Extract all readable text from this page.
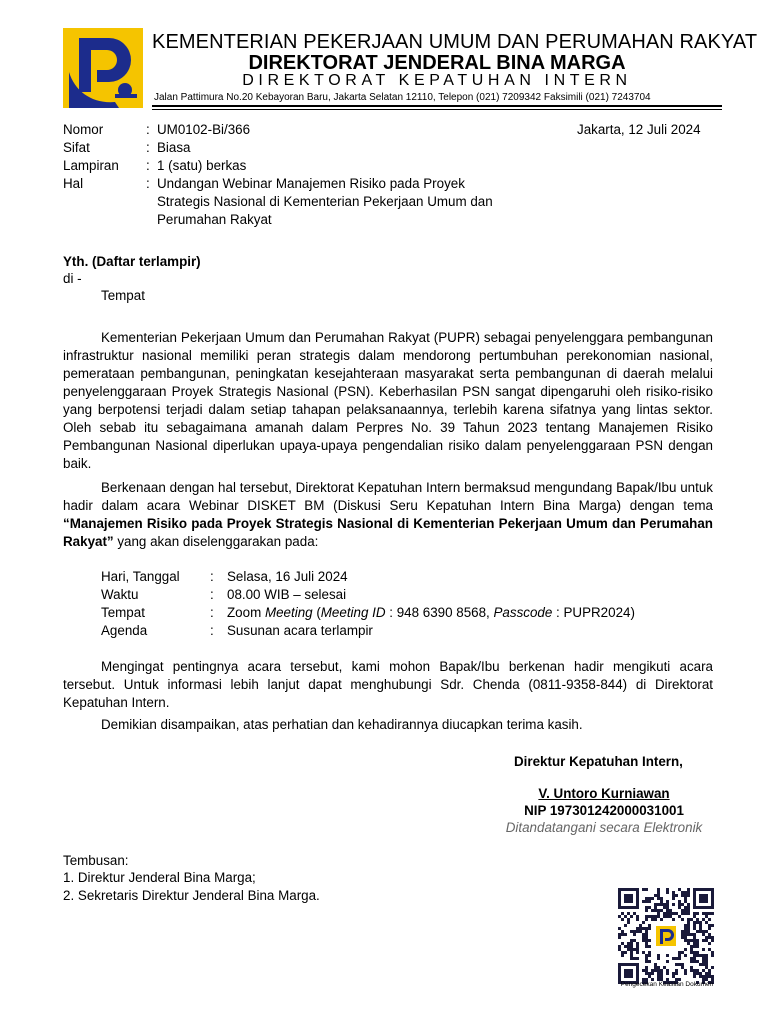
KEMENTERIAN PEKERJAAN UMUM DAN PERUMAHAN RAKYAT
DIREKTORAT JENDERAL BINA MARGA
DIREKTORAT KEPATUHAN INTERN
Jalan Pattimura No.20 Kebayoran Baru, Jakarta Selatan 12110, Telepon (021) 7209342 Faksimili (021) 7243704
Nomor	: UM0102-Bi/366	Jakarta, 12 Juli 2024
Sifat	: Biasa
Lampiran : 1 (satu) berkas
Hal	: Undangan Webinar Manajemen Risiko pada Proyek
Strategis Nasional di Kementerian Pekerjaan Umum dan
Perumahan Rakyat
Yth. (Daftar terlampir)
di -
Tempat
Kementerian Pekerjaan Umum dan Perumahan Rakyat (PUPR) sebagai penyelenggara pembangunan infrastruktur nasional memiliki peran strategis dalam mendorong pertumbuhan perekonomian nasional, pemerataan pembangunan, peningkatan kesejahteraan masyarakat serta pembangunan di daerah melalui penyelenggaraan Proyek Strategis Nasional (PSN). Keberhasilan PSN sangat dipengaruhi oleh risiko-risiko yang berpotensi terjadi dalam setiap tahapan pelaksanaannya, terlebih karena sifatnya yang lintas sektor. Oleh sebab itu sebagaimana amanah dalam Perpres No. 39 Tahun 2023 tentang Manajemen Risiko Pembangunan Nasional diperlukan upaya-upaya pengendalian risiko dalam penyelenggaraan PSN dengan baik.
Berkenaan dengan hal tersebut, Direktorat Kepatuhan Intern bermaksud mengundang Bapak/Ibu untuk hadir dalam acara Webinar DISKET BM (Diskusi Seru Kepatuhan Intern Bina Marga) dengan tema “Manajemen Risiko pada Proyek Strategis Nasional di Kementerian Pekerjaan Umum dan Perumahan Rakyat” yang akan diselenggarakan pada:
Hari, Tanggal : Selasa, 16 Juli 2024
Waktu	: 08.00 WIB – selesai
Tempat	: Zoom Meeting (Meeting ID : 948 6390 8568, Passcode : PUPR2024)
Agenda	: Susunan acara terlampir
Mengingat pentingnya acara tersebut, kami mohon Bapak/Ibu berkenan hadir mengikuti acara tersebut. Untuk informasi lebih lanjut dapat menghubungi Sdr. Chenda (0811-9358-844) di Direktorat Kepatuhan Intern.
Demikian disampaikan, atas perhatian dan kehadirannya diucapkan terima kasih.
Direktur Kepatuhan Intern,
V. Untoro Kurniawan
NIP 197301242000031001
Ditandatangani secara Elektronik
Tembusan:
1. Direktur Jenderal Bina Marga;
2. Sekretaris Direktur Jenderal Bina Marga.
Pengecekan Keaslian Dokumen
